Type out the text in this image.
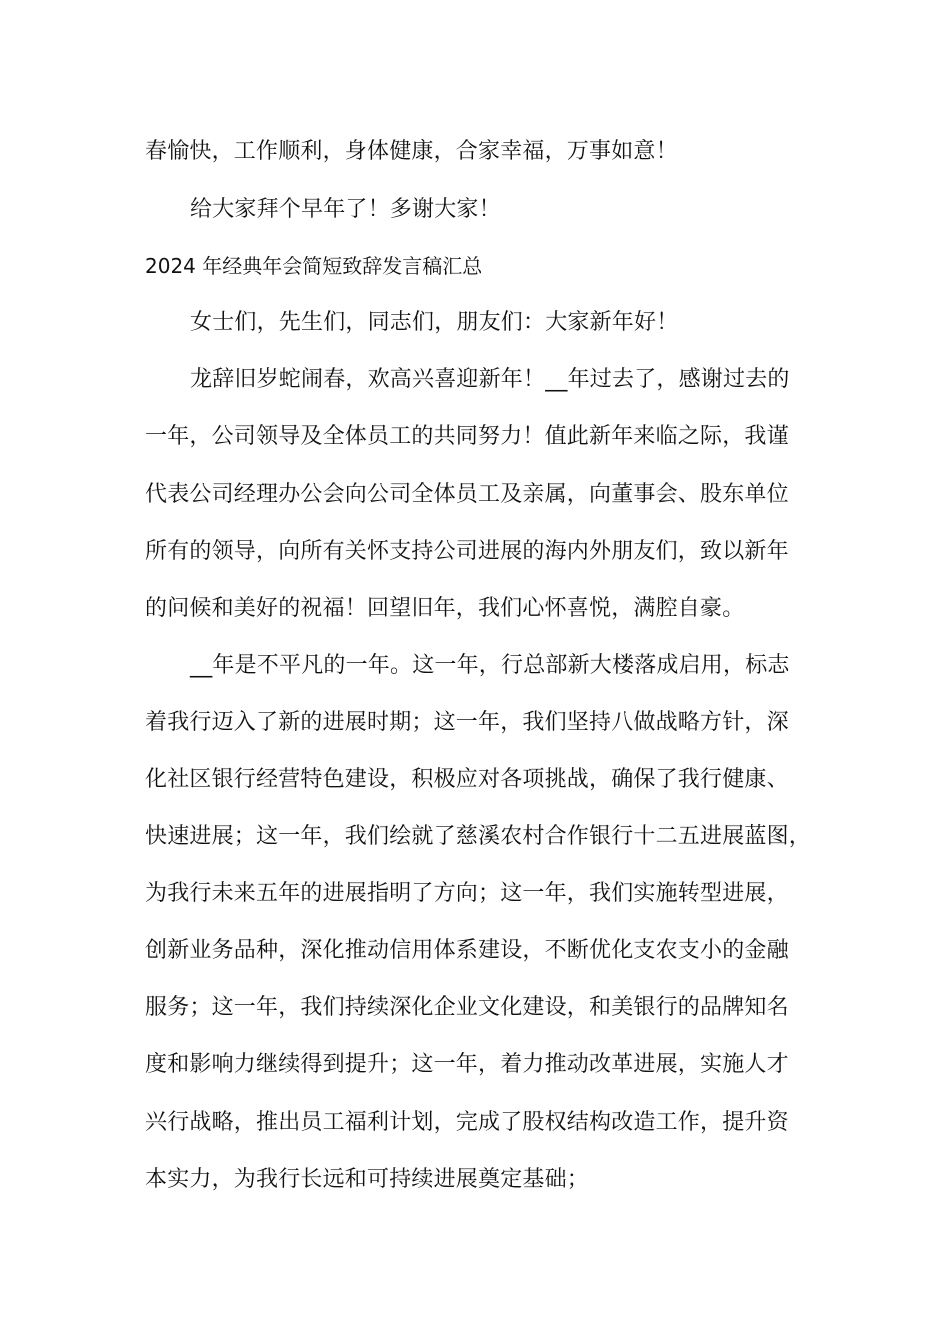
春愉快，工作顺利，身体健康，合家幸福，万事如意！
给大家拜个早年了！多谢大家！
2024 年经典年会简短致辞发言稿汇总
女士们，先生们，同志们，朋友们：大家新年好！
龙辞旧岁蛇闹春，欢高兴喜迎新年！__年过去了，感谢过去的
一年，公司领导及全体员工的共同努力！值此新年来临之际，我谨
代表公司经理办公会向公司全体员工及亲属，向董事会、股东单位
所有的领导，向所有关怀支持公司进展的海内外朋友们，致以新年
的问候和美好的祝福！回望旧年，我们心怀喜悦，满腔自豪。
__年是不平凡的一年。这一年，行总部新大楼落成启用，标志
着我行迈入了新的进展时期；这一年，我们坚持八做战略方针，深
化社区银行经营特色建设，积极应对各项挑战，确保了我行健康、
快速进展；这一年，我们绘就了慈溪农村合作银行十二五进展蓝图，
为我行未来五年的进展指明了方向；这一年，我们实施转型进展，
创新业务品种，深化推动信用体系建设，不断优化支农支小的金融
服务；这一年，我们持续深化企业文化建设，和美银行的品牌知名
度和影响力继续得到提升；这一年，着力推动改革进展，实施人才
兴行战略，推出员工福利计划，完成了股权结构改造工作，提升资
本实力，为我行长远和可持续进展奠定基础；
